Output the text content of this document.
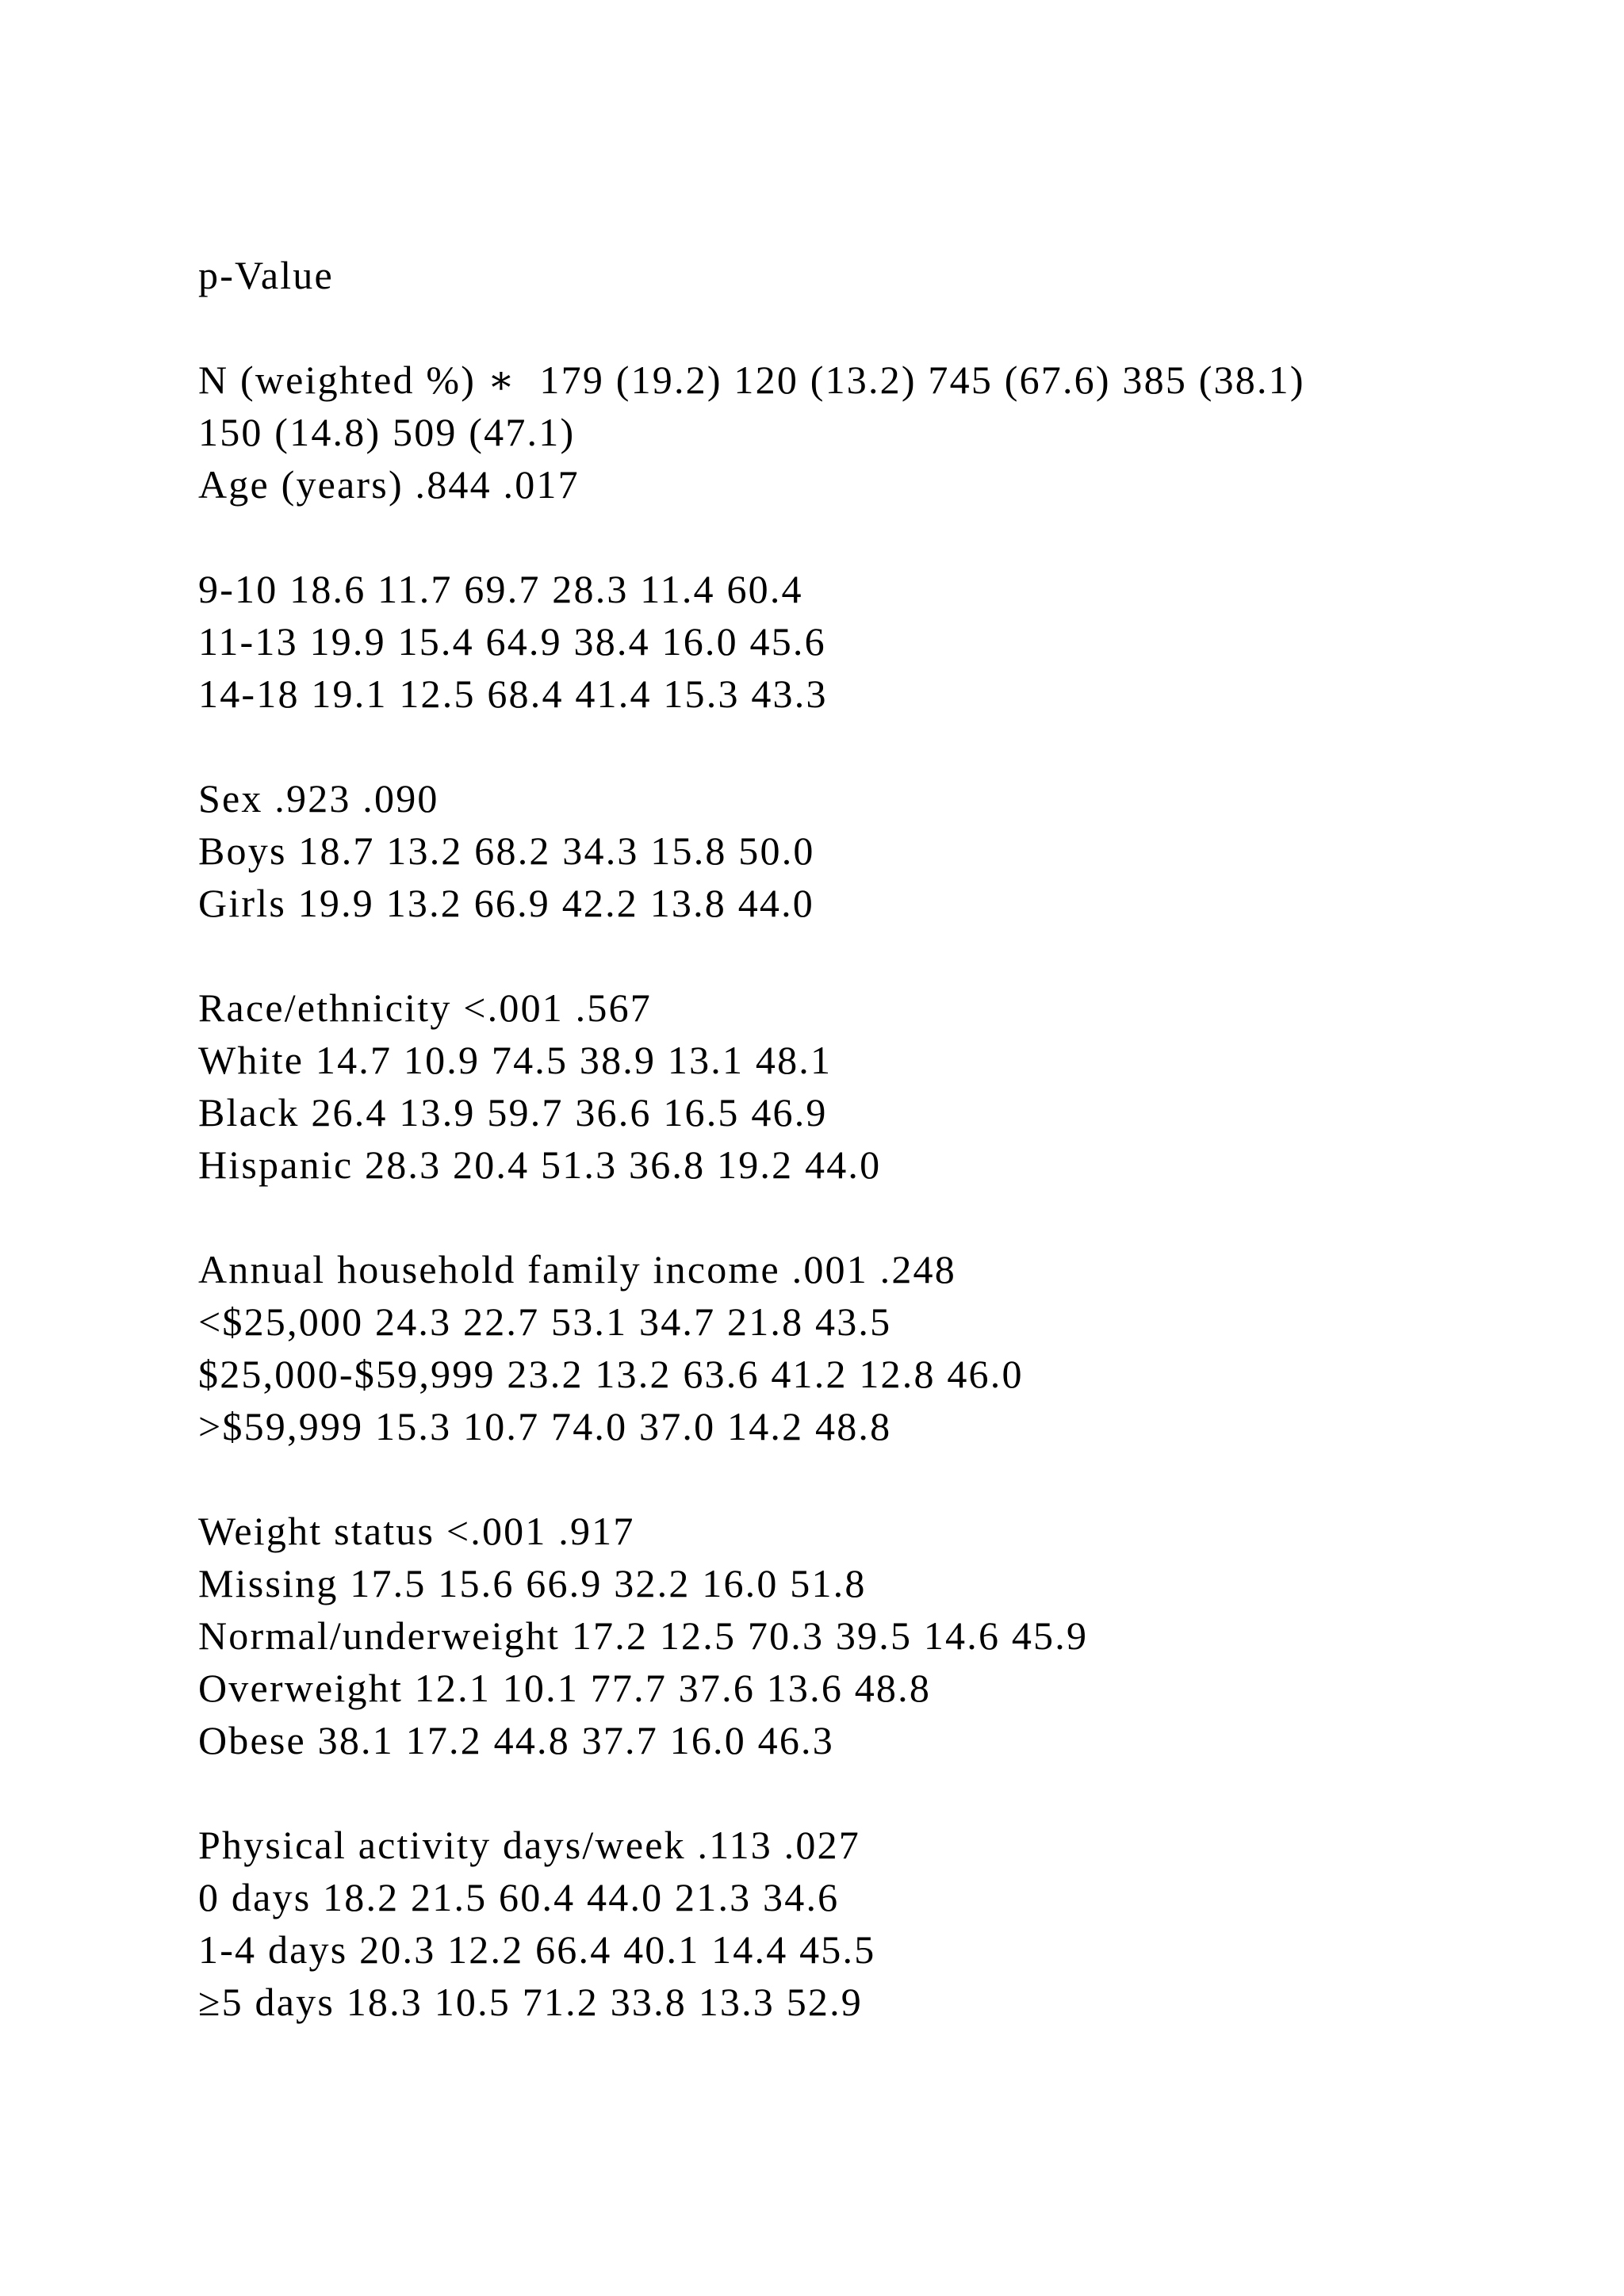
p-Value

N (weighted %) ∗  179 (19.2) 120 (13.2) 745 (67.6) 385 (38.1)

150 (14.8) 509 (47.1)

Age (years) .844 .017

9-10 18.6 11.7 69.7 28.3 11.4 60.4

11-13 19.9 15.4 64.9 38.4 16.0 45.6

14-18 19.1 12.5 68.4 41.4 15.3 43.3

Sex .923 .090

Boys 18.7 13.2 68.2 34.3 15.8 50.0

Girls 19.9 13.2 66.9 42.2 13.8 44.0

Race/ethnicity <.001 .567

White 14.7 10.9 74.5 38.9 13.1 48.1

Black 26.4 13.9 59.7 36.6 16.5 46.9

Hispanic 28.3 20.4 51.3 36.8 19.2 44.0

Annual household family income .001 .248

<$25,000 24.3 22.7 53.1 34.7 21.8 43.5

$25,000-$59,999 23.2 13.2 63.6 41.2 12.8 46.0

>$59,999 15.3 10.7 74.0 37.0 14.2 48.8

Weight status <.001 .917

Missing 17.5 15.6 66.9 32.2 16.0 51.8

Normal/underweight 17.2 12.5 70.3 39.5 14.6 45.9

Overweight 12.1 10.1 77.7 37.6 13.6 48.8

Obese 38.1 17.2 44.8 37.7 16.0 46.3

Physical activity days/week .113 .027

0 days 18.2 21.5 60.4 44.0 21.3 34.6

1-4 days 20.3 12.2 66.4 40.1 14.4 45.5

≥5 days 18.3 10.5 71.2 33.8 13.3 52.9
